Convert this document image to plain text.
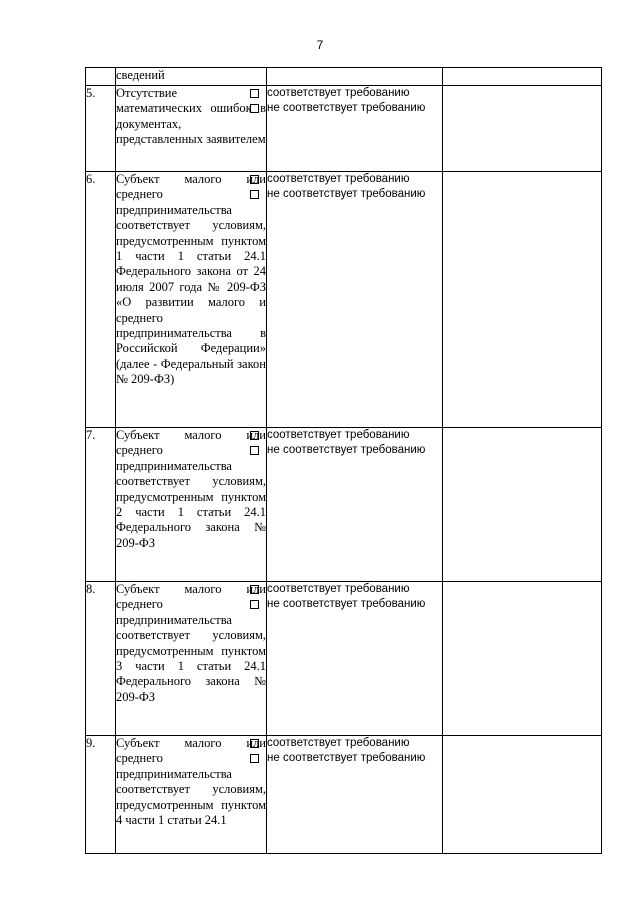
7
	сведений		
5.	Отсутствие математических ошибок в документах, представленных заявителем	соответствует требованию
не соответствует требованию	

6.	Субъект малого или среднего предпринимательства соответствует условиям, предусмотренным пунктом 1 части 1 статьи 24.1 Федерального закона от 24 июля 2007 года № 209-ФЗ «О развитии малого и среднего предпринимательства в Российской Федерации» (далее - Федеральный закон № 209-ФЗ)	соответствует требованию
не соответствует требованию	

7.	Субъект малого или среднего предпринимательства соответствует условиям, предусмотренным пунктом 2 части 1 статьи 24.1 Федерального закона № 209-ФЗ	соответствует требованию
не соответствует требованию	

8.	Субъект малого или среднего предпринимательства соответствует условиям, предусмотренным пунктом 3 части 1 статьи 24.1 Федерального закона № 209-ФЗ	соответствует требованию
не соответствует требованию	

9.	Субъект малого или среднего предпринимательства соответствует условиям, предусмотренным пунктом 4 части 1 статьи 24.1	соответствует требованию
не соответствует требованию	
